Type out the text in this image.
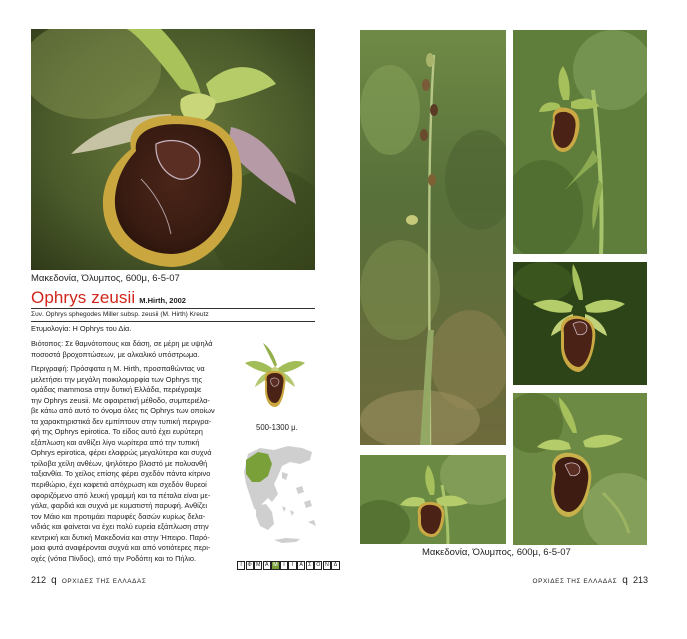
Μακεδονία, Όλυμπος, 600μ, 6-5-07
Ophrys zeusii M.Hirth, 2002
Συν. Ophrys sphegodes Miller subsp. zeusii (M. Hirth) Kreutz
Ετυμολογία: Η Ophrys του Δία.
Βιότοπος: Σε θαμνότοπους και δάση, σε μέρη με υψηλά
ποσοστά βροχοπτώσεων, με αλκαλικό υπόστρωμα.
Περιγραφή: Πρόσφατα η M. Hirth, προσπαθώντας να
μελετήσει την μεγάλη ποικιλομορφία των Ophrys της
ομάδας mammosa στην δυτική Ελλάδα, περιέγραψε
την Ophrys zeusii. Με αφαιρετική μέθοδο, συμπεριέλα-
βε κάτω από αυτό το όνομα όλες τις Ophrys των οποίων
τα χαρακτηριστικά δεν εμπίπτουν στην τυπική περιγρα-
φή της Ophrys epirotica. Το είδος αυτό έχει ευρύτερη
εξάπλωση και ανθίζει λίγο νωρίτερα από την τυπική
Ophrys epirotica, φέρει ελαφρώς μεγαλύτερα και συχνά
τρίλοβα χείλη ανθέων, ψηλότερο βλαστό με πολυανθή
ταξιανθία. Το χείλος επίσης φέρει σχεδόν πάντα κίτρινο
περιθώριο, έχει καφετιά απόχρωση και σχεδόν θυρεοί
αφοριζόμενο από λευκή γραμμή και τα πέταλα είναι με-
γάλα, φαρδιά και συχνά με κυματιστή παρυφή. Ανθίζει
τον Μάιο και προτιμάει παρυφές δασών κυρίως δελα-
νιδιάς και φαίνεται να έχει πολύ ευρεία εξάπλωση στην
κεντρική και δυτική Μακεδονία και στην Ήπειρο. Παρό-
μοια φυτά αναφέρονται συχνά και από νοτιότερες περι-
οχές (νότια Πίνδος), από την Ροδόπη και το Πήλιο.
500-1300 μ.
I	Φ Μ Α Μ	Ι	Ι	Α Σ Ο Ν Δ
212 q ΟΡΧΙΔΕΣ ΤΗΣ ΕΛΛΑΔΑΣ
Μακεδονία, Όλυμπος, 600μ, 6-5-07
ΟΡΧΙΔΕΣ ΤΗΣ ΕΛΛΑΔΑΣ q 213
